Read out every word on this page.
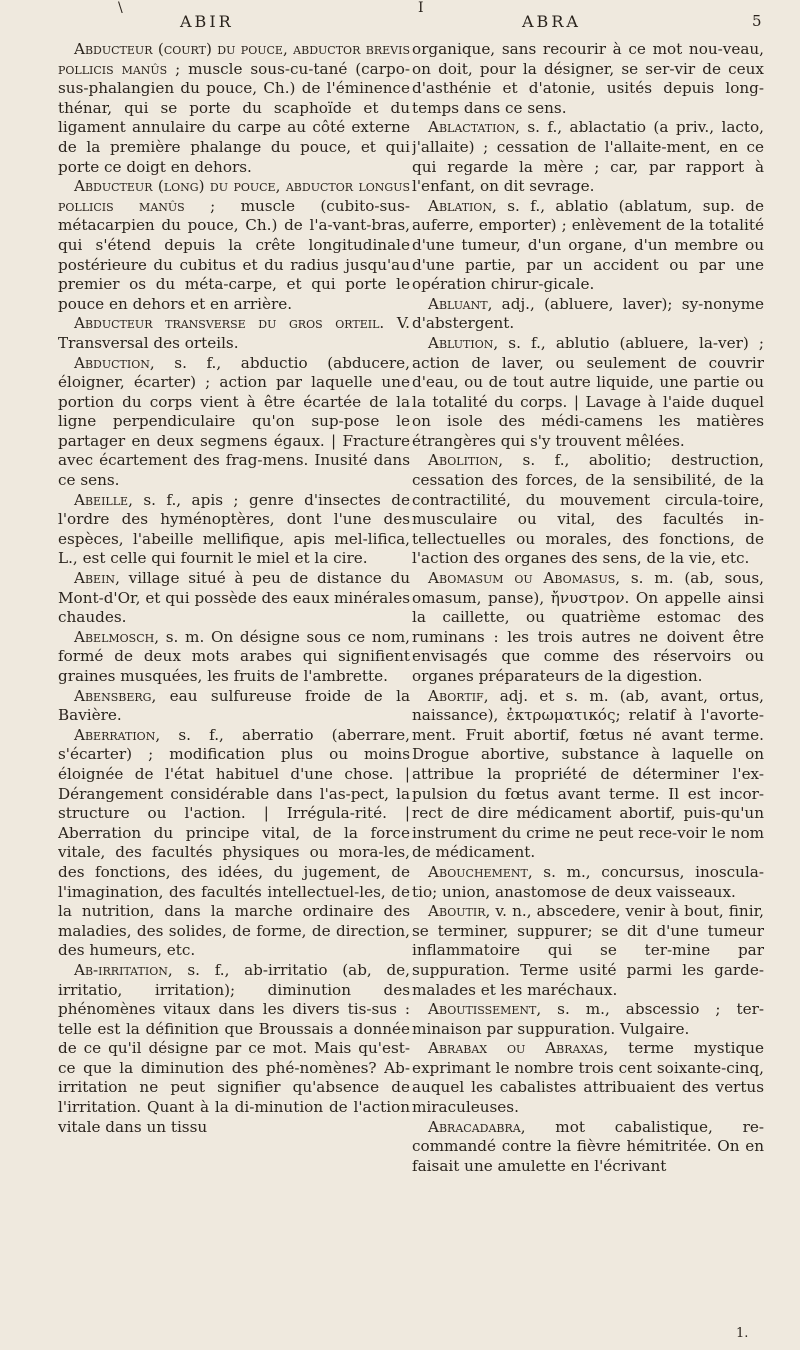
\
ABIR
I
ABRA	5

Abducteur (court) du pouce, abductor brevis pollicis manûs ; muscle sous-cu-tané (carpo-sus-phalangien du pouce, Ch.) de l'éminence thénar, qui se porte du scaphoïde et du ligament annulaire du carpe au côté externe de la première phalange du pouce, et qui porte ce doigt en dehors.

Abducteur (long) du pouce, abductor longus pollicis manûs ; muscle (cubito-sus-métacarpien du pouce, Ch.) de l'a-vant-bras, qui s'étend depuis la crête longitudinale postérieure du cubitus et du radius jusqu'au premier os du méta-carpe, et qui porte le pouce en dehors et en arrière.

Abducteur transverse du gros orteil. V. Transversal des orteils.

Abduction, s. f., abductio (abducere, éloigner, écarter) ; action par laquelle une portion du corps vient à être écartée de la ligne perpendiculaire qu'on sup-pose le partager en deux segmens égaux. | Fracture avec écartement des frag-mens. Inusité dans ce sens.

Abeille, s. f., apis ; genre d'insectes de l'ordre des hyménoptères, dont l'une des espèces, l'abeille mellifique, apis mel-lifica, L., est celle qui fournit le miel et la cire.

Abein, village situé à peu de distance du Mont-d'Or, et qui possède des eaux minérales chaudes.

Abelmosch, s. m. On désigne sous ce nom, formé de deux mots arabes qui signifient graines musquées, les fruits de l'ambrette.

Abensberg, eau sulfureuse froide de la Bavière.

Aberration, s. f., aberratio (aberrare, s'écarter) ; modification plus ou moins éloignée de l'état habituel d'une chose. | Dérangement considérable dans l'as-pect, la structure ou l'action. | Irrégula-rité. | Aberration du principe vital, de la force vitale, des facultés physiques ou mora-les, des fonctions, des idées, du jugement, de l'imagination, des facultés intellectuel-les, de la nutrition, dans la marche ordinaire des maladies, des solides, de forme, de direction, des humeurs, etc.

Ab-irritation, s. f., ab-irritatio (ab, de, irritatio, irritation); diminution des phénomènes vitaux dans les divers tis-sus : telle est la définition que Broussais a donnée de ce qu'il désigne par ce mot. Mais qu'est-ce que la diminution des phé-nomènes? Ab-irritation ne peut signifier qu'absence de l'irritation. Quant à la di-minution de l'action vitale dans un tissu

organique, sans recourir à ce mot nou-veau, on doit, pour la désigner, se ser-vir de ceux d'asthénie et d'atonie, usités depuis long-temps dans ce sens.

Ablactation, s. f., ablactatio (a priv., lacto, j'allaite) ; cessation de l'allaite-ment, en ce qui regarde la mère ; car, par rapport à l'enfant, on dit sevrage.

Ablation, s. f., ablatio (ablatum, sup. de auferre, emporter) ; enlèvement de la totalité d'une tumeur, d'un organe, d'un membre ou d'une partie, par un accident ou par une opération chirur-gicale.

Abluant, adj., (abluere, laver); sy-nonyme d'abstergent.

Ablution, s. f., ablutio (abluere, la-ver) ; action de laver, ou seulement de couvrir d'eau, ou de tout autre liquide, une partie ou la totalité du corps. | Lavage à l'aide duquel on isole des médi-camens les matières étrangères qui s'y trouvent mêlées.

Abolition, s. f., abolitio; destruction, cessation des forces, de la sensibilité, de la contractilité, du mouvement circula-toire, musculaire ou vital, des facultés in-tellectuelles ou morales, des fonctions, de l'action des organes des sens, de la vie, etc.

Abomasum ou Abomasus, s. m. (ab, sous, omasum, panse), ἤνυστρον. On appelle ainsi la caillette, ou quatrième estomac des ruminans : les trois autres ne doivent être envisagés que comme des réservoirs ou organes préparateurs de la digestion.

Abortif, adj. et s. m. (ab, avant, ortus, naissance), ἐκτρωματικός; relatif à l'avorte-ment. Fruit abortif, fœtus né avant terme. Drogue abortive, substance à laquelle on attribue la propriété de déterminer l'ex-pulsion du fœtus avant terme. Il est incor-rect de dire médicament abortif, puis-qu'un instrument du crime ne peut rece-voir le nom de médicament.

Abouchement, s. m., concursus, inoscula-tio; union, anastomose de deux vaisseaux.

Aboutir, v. n., abscedere, venir à bout, finir, se terminer, suppurer; se dit d'une tumeur inflammatoire qui se ter-mine par suppuration. Terme usité parmi les garde-malades et les maréchaux.

Aboutissement, s. m., abscessio ; ter-minaison par suppuration. Vulgaire.

Abrabax ou Abraxas, terme mystique exprimant le nombre trois cent soixante-cinq, auquel les cabalistes attribuaient des vertus miraculeuses.

Abracadabra, mot cabalistique, re-commandé contre la fièvre hémitritée. On en faisait une amulette en l'écrivant

1.
